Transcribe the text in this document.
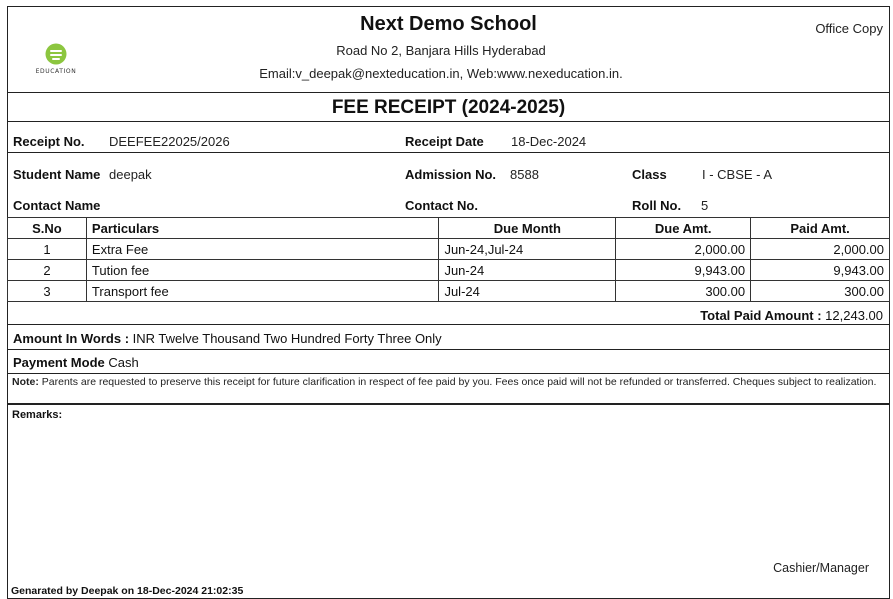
EDUCATION
Next Demo School
Road No 2, Banjara Hills Hyderabad
Email:v_deepak@nexteducation.in, Web:www.nexeducation.in.
Office Copy
FEE RECEIPT (2024-2025)
Receipt No. DEEFEE22025/2026	Receipt Date 18-Dec-2024
Student Name deepak	Admission No. 8588	Class	I - CBSE - A
Contact Name	Contact No.	Roll No. 5
S.No	Particulars	Due Month	Due Amt.	Paid Amt.
1	Extra Fee	Jun-24,Jul-24	2,000.00	2,000.00
2	Tution fee	Jun-24	9,943.00	9,943.00
3	Transport fee	Jul-24	300.00	300.00
Total Paid Amount : 12,243.00
Amount In Words : INR Twelve Thousand Two Hundred Forty Three Only
Payment Mode Cash
Note: Parents are requested to preserve this receipt for future clarification in respect of fee paid by you. Fees once paid will not be refunded or transferred. Cheques subject to realization.
Remarks:
Cashier/Manager
Genarated by Deepak on 18-Dec-2024 21:02:35
